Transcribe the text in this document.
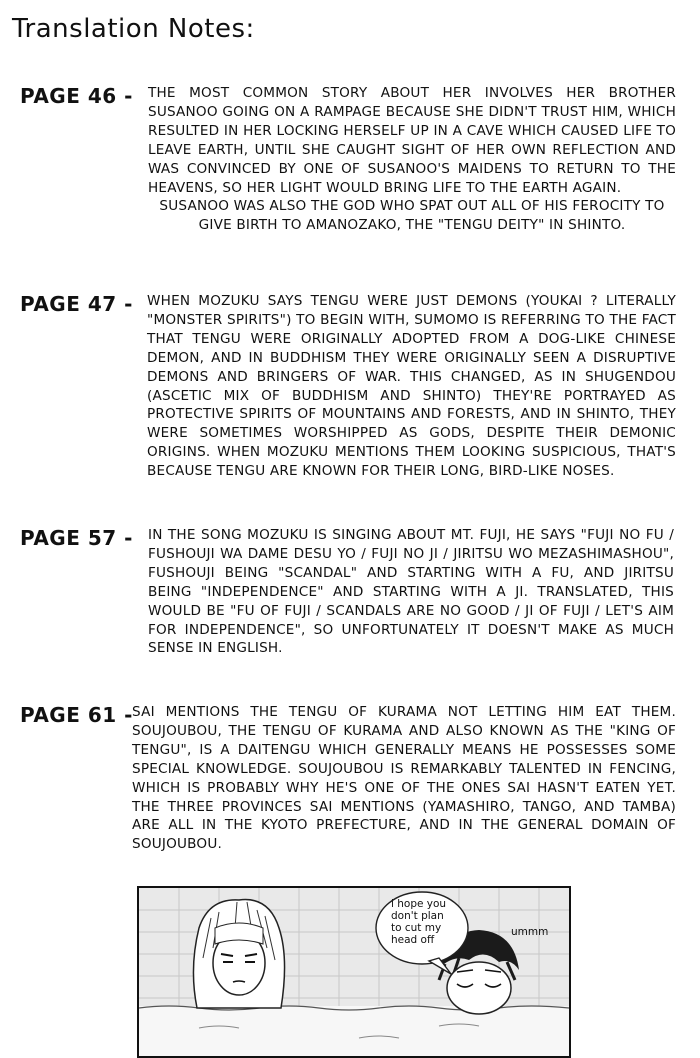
Translation Notes:
PAGE 46 - THE MOST COMMON STORY ABOUT HER INVOLVES HER BROTHER SUSANOO GOING ON A RAMPAGE BECAUSE SHE DIDN'T TRUST HIM, WHICH RESULTED IN HER LOCKING HERSELF UP IN A CAVE WHICH CAUSED LIFE TO LEAVE EARTH, UNTIL SHE CAUGHT SIGHT OF HER OWN REFLECTION AND WAS CONVINCED BY ONE OF SUSANOO'S MAIDENS TO RETURN TO THE HEAVENS, SO HER LIGHT WOULD BRING LIFE TO THE EARTH AGAIN.

SUSANOO WAS ALSO THE GOD WHO SPAT OUT ALL OF HIS FEROCITY TO GIVE BIRTH TO AMANOZAKO, THE "TENGU DEITY" IN SHINTO.

PAGE 47 - WHEN MOZUKU SAYS TENGU WERE JUST DEMONS (YOUKAI ? LITERALLY "MONSTER SPIRITS") TO BEGIN WITH, SUMOMO IS REFERRING TO THE FACT THAT TENGU WERE ORIGINALLY ADOPTED FROM A DOG-LIKE CHINESE DEMON, AND IN BUDDHISM THEY WERE ORIGINALLY SEEN A DISRUPTIVE DEMONS AND BRINGERS OF WAR. THIS CHANGED, AS IN SHUGENDOU (ASCETIC MIX OF BUDDHISM AND SHINTO) THEY'RE PORTRAYED AS PROTECTIVE SPIRITS OF MOUNTAINS AND FORESTS, AND IN SHINTO, THEY WERE SOMETIMES WORSHIPPED AS GODS, DESPITE THEIR DEMONIC ORIGINS. WHEN MOZUKU MENTIONS THEM LOOKING SUSPICIOUS, THAT'S BECAUSE TENGU ARE KNOWN FOR THEIR LONG, BIRD-LIKE NOSES.

PAGE 57 - IN THE SONG MOZUKU IS SINGING ABOUT MT. FUJI, HE SAYS "FUJI NO FU / FUSHOUJI WA DAME DESU YO / FUJI NO JI / JIRITSU WO MEZASHIMASHOU", FUSHOUJI BEING "SCANDAL" AND STARTING WITH A FU, AND JIRITSU BEING "INDEPENDENCE" AND STARTING WITH A JI. TRANSLATED, THIS WOULD BE "FU OF FUJI / SCANDALS ARE NO GOOD / JI OF FUJI / LET'S AIM FOR INDEPENDENCE", SO UNFORTUNATELY IT DOESN'T MAKE AS MUCH SENSE IN ENGLISH.

PAGE 61 - SAI MENTIONS THE TENGU OF KURAMA NOT LETTING HIM EAT THEM. SOUJOUBOU, THE TENGU OF KURAMA AND ALSO KNOWN AS THE "KING OF TENGU", IS A DAITENGU WHICH GENERALLY MEANS HE POSSESSES SOME SPECIAL KNOWLEDGE. SOUJOUBOU IS REMARKABLY TALENTED IN FENCING, WHICH IS PROBABLY WHY HE'S ONE OF THE ONES SAI HASN'T EATEN YET. THE THREE PROVINCES SAI MENTIONS (YAMASHIRO, TANGO, AND TAMBA) ARE ALL IN THE KYOTO PREFECTURE, AND IN THE GENERAL DOMAIN OF SOUJOUBOU.

i hope you
don't plan
to cut my
head off
ummm
